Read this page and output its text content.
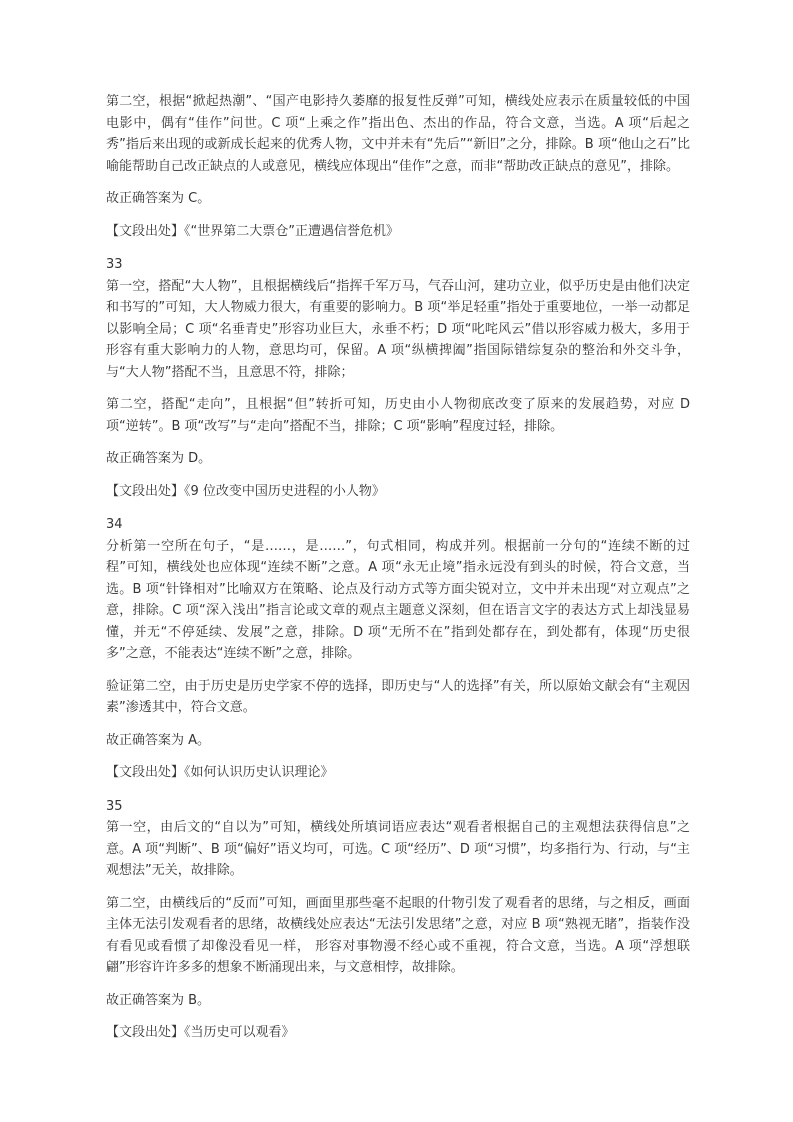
第二空，根据“掀起热潮”、“国产电影持久萎靡的报复性反弹”可知，横线处应表示在质量较低的中国电影中，偶有“佳作”问世。C 项“上乘之作”指出色、杰出的作品，符合文意，当选。A 项“后起之秀”指后来出现的或新成长起来的优秀人物，文中并未有“先后”“新旧”之分，排除。B 项“他山之石”比喻能帮助自己改正缺点的人或意见，横线应体现出“佳作”之意，而非“帮助改正缺点的意见”，排除。

故正确答案为 C。

【文段出处】《“世界第二大票仓”正遭遇信誉危机》

33

第一空，搭配“大人物”，且根据横线后“指挥千军万马，气吞山河，建功立业，似乎历史是由他们决定和书写的”可知，大人物威力很大，有重要的影响力。B 项“举足轻重”指处于重要地位，一举一动都足以影响全局；C 项“名垂青史”形容功业巨大，永垂不朽；D 项“叱咤风云”借以形容威力极大，多用于形容有重大影响力的人物，意思均可，保留。A 项“纵横捭阖”指国际错综复杂的整治和外交斗争，与“大人物”搭配不当，且意思不符，排除；

第二空，搭配“走向”，且根据“但”转折可知，历史由小人物彻底改变了原来的发展趋势，对应 D 项“逆转”。B 项“改写”与“走向”搭配不当，排除；C 项“影响”程度过轻，排除。

故正确答案为 D。

【文段出处】《9 位改变中国历史进程的小人物》

34

分析第一空所在句子，“是……，是……”，句式相同，构成并列。根据前一分句的“连续不断的过程”可知，横线处也应体现“连续不断”之意。A 项“永无止境”指永远没有到头的时候，符合文意，当选。B 项“针锋相对”比喻双方在策略、论点及行动方式等方面尖锐对立，文中并未出现“对立观点”之意，排除。C 项“深入浅出”指言论或文章的观点主题意义深刻，但在语言文字的表达方式上却浅显易懂，并无“不停延续、发展”之意，排除。D 项“无所不在”指到处都存在，到处都有，体现“历史很多”之意，不能表达“连续不断”之意，排除。

验证第二空，由于历史是历史学家不停的选择，即历史与“人的选择”有关，所以原始文献会有“主观因素”渗透其中，符合文意。

故正确答案为 A。

【文段出处】《如何认识历史认识理论》

35

第一空，由后文的“自以为”可知，横线处所填词语应表达“观看者根据自己的主观想法获得信息”之意。A 项“判断”、B 项“偏好”语义均可，可选。C 项“经历”、D 项“习惯”，均多指行为、行动，与“主观想法”无关，故排除。

第二空，由横线后的“反而”可知，画面里那些毫不起眼的什物引发了观看者的思绪，与之相反，画面主体无法引发观看者的思绪，故横线处应表达“无法引发思绪”之意，对应 B 项“熟视无睹”，指装作没有看见或看惯了却像没看见一样， 形容对事物漫不经心或不重视，符合文意，当选。A 项“浮想联翩”形容许许多多的想象不断涌现出来，与文意相悖，故排除。

故正确答案为 B。

【文段出处】《当历史可以观看》
